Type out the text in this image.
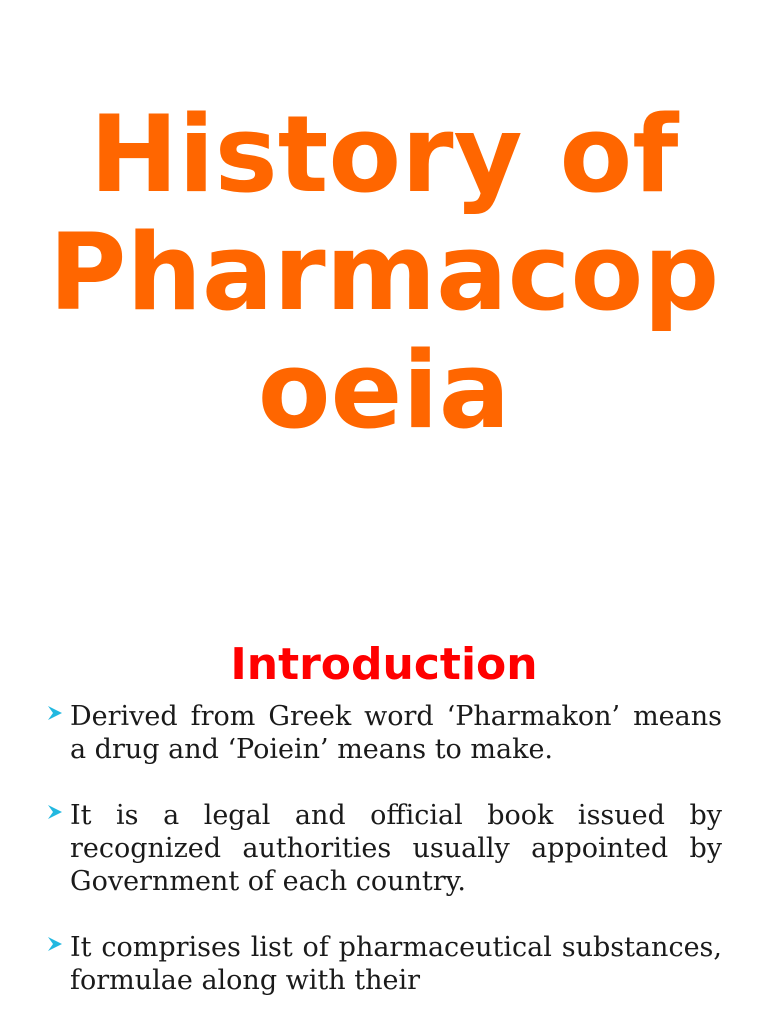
History of
Pharmacop
oeia
Introduction
Derived from Greek word ‘Pharmakon’ means a drug and ‘Poiein’ means to make.
It is a legal and official book issued by recognized authorities usually appointed by Government of each country.
It comprises list of pharmaceutical substances, formulae along with their
